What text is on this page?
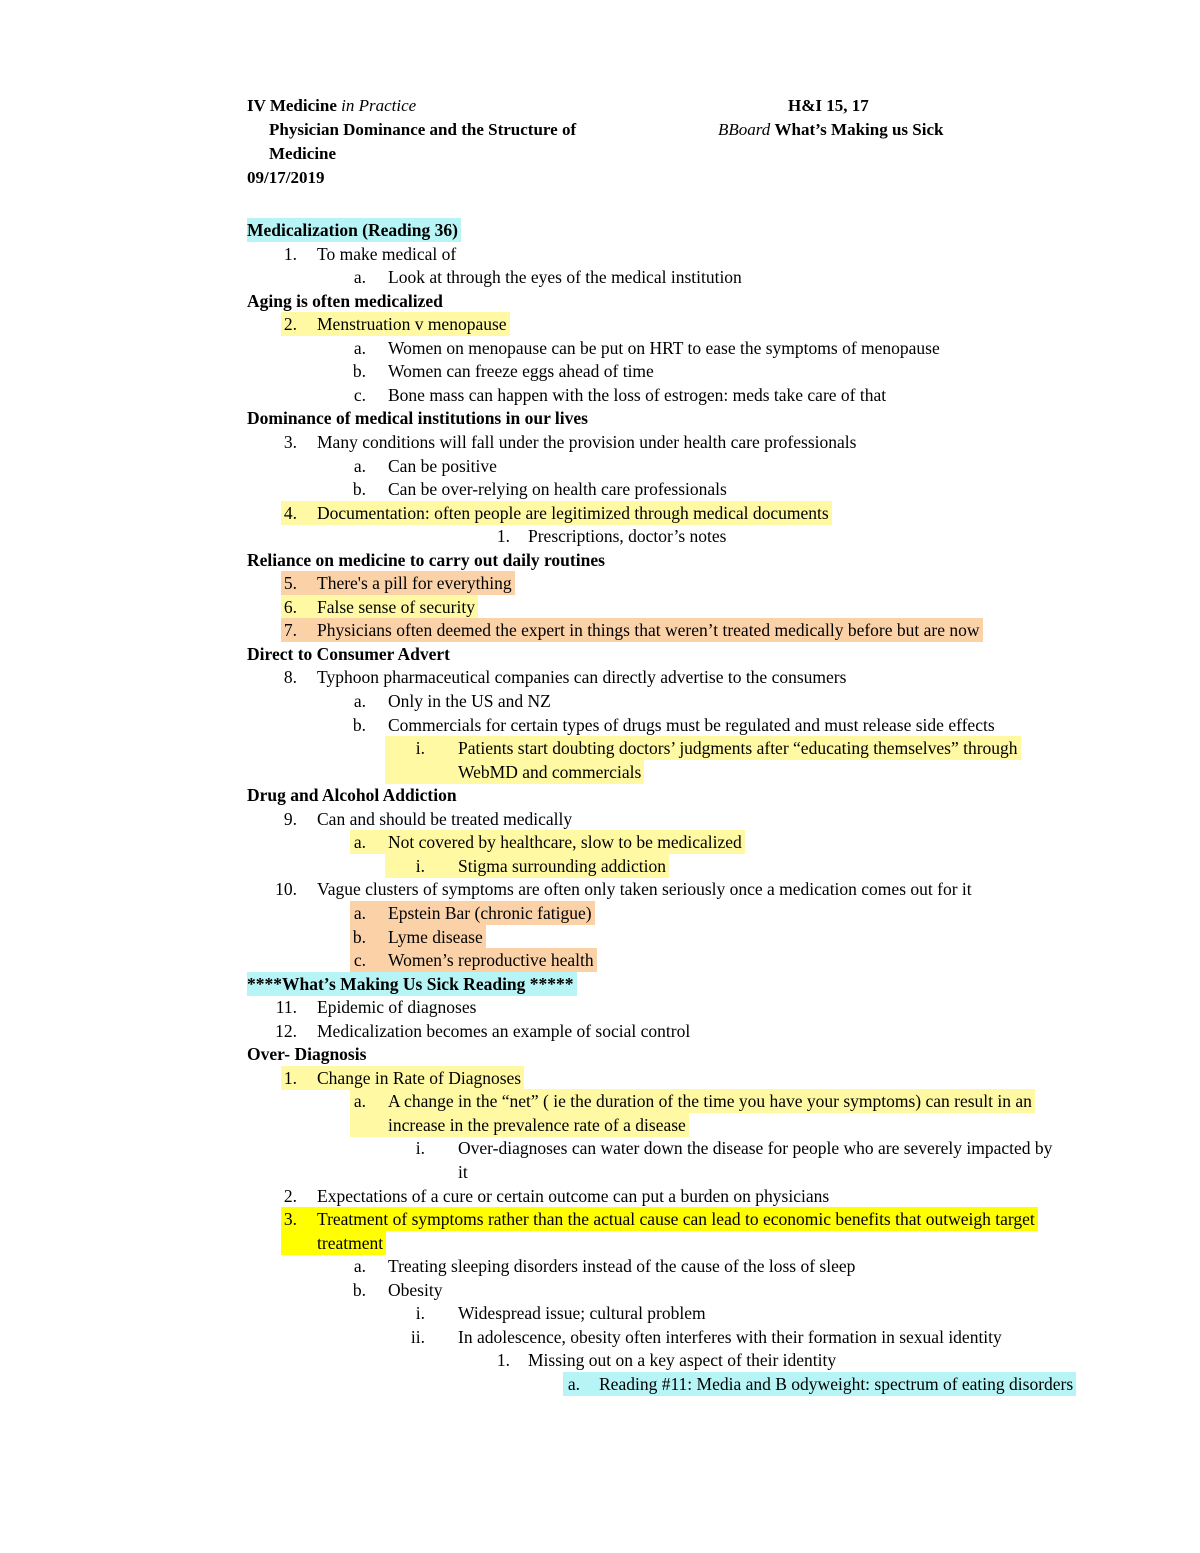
IV Medicine in Practice
Physician Dominance and the Structure of
Medicine
09/17/2019
H&I 15, 17
BBoard What’s Making us Sick
Medicalization (Reading 36)
1. To make medical of
a. Look at through the eyes of the medical institution
Aging is often medicalized
2. Menstruation v menopause
a. Women on menopause can be put on HRT to ease the symptoms of menopause
b. Women can freeze eggs ahead of time
c. Bone mass can happen with the loss of estrogen: meds take care of that
Dominance of medical institutions in our lives
3. Many conditions will fall under the provision under health care professionals
a. Can be positive
b. Can be over-relying on health care professionals
4. Documentation: often people are legitimized through medical documents
1. Prescriptions, doctor’s notes
Reliance on medicine to carry out daily routines
5. There's a pill for everything
6. False sense of security
7. Physicians often deemed the expert in things that weren’t treated medically before but are now
Direct to Consumer Advert
8. Typhoon pharmaceutical companies can directly advertise to the consumers
a. Only in the US and NZ
b. Commercials for certain types of drugs must be regulated and must release side effects
i. Patients start doubting doctors’ judgments after “educating themselves” through
WebMD and commercials
Drug and Alcohol Addiction
9. Can and should be treated medically
a. Not covered by healthcare, slow to be medicalized
i. Stigma surrounding addiction
10. Vague clusters of symptoms are often only taken seriously once a medication comes out for it
a. Epstein Bar (chronic fatigue)
b. Lyme disease
c. Women’s reproductive health
****What’s Making Us Sick Reading *****
11. Epidemic of diagnoses
12. Medicalization becomes an example of social control
Over- Diagnosis
1. Change in Rate of Diagnoses
a. A change in the “net” ( ie the duration of the time you have your symptoms) can result in an
increase in the prevalence rate of a disease
i. Over-diagnoses can water down the disease for people who are severely impacted by
it
2. Expectations of a cure or certain outcome can put a burden on physicians
3. Treatment of symptoms rather than the actual cause can lead to economic benefits that outweigh target
treatment
a. Treating sleeping disorders instead of the cause of the loss of sleep
b. Obesity
i. Widespread issue; cultural problem
ii. In adolescence, obesity often interferes with their formation in sexual identity
1. Missing out on a key aspect of their identity
a. Reading #11: Media and B odyweight: spectrum of eating disorders
